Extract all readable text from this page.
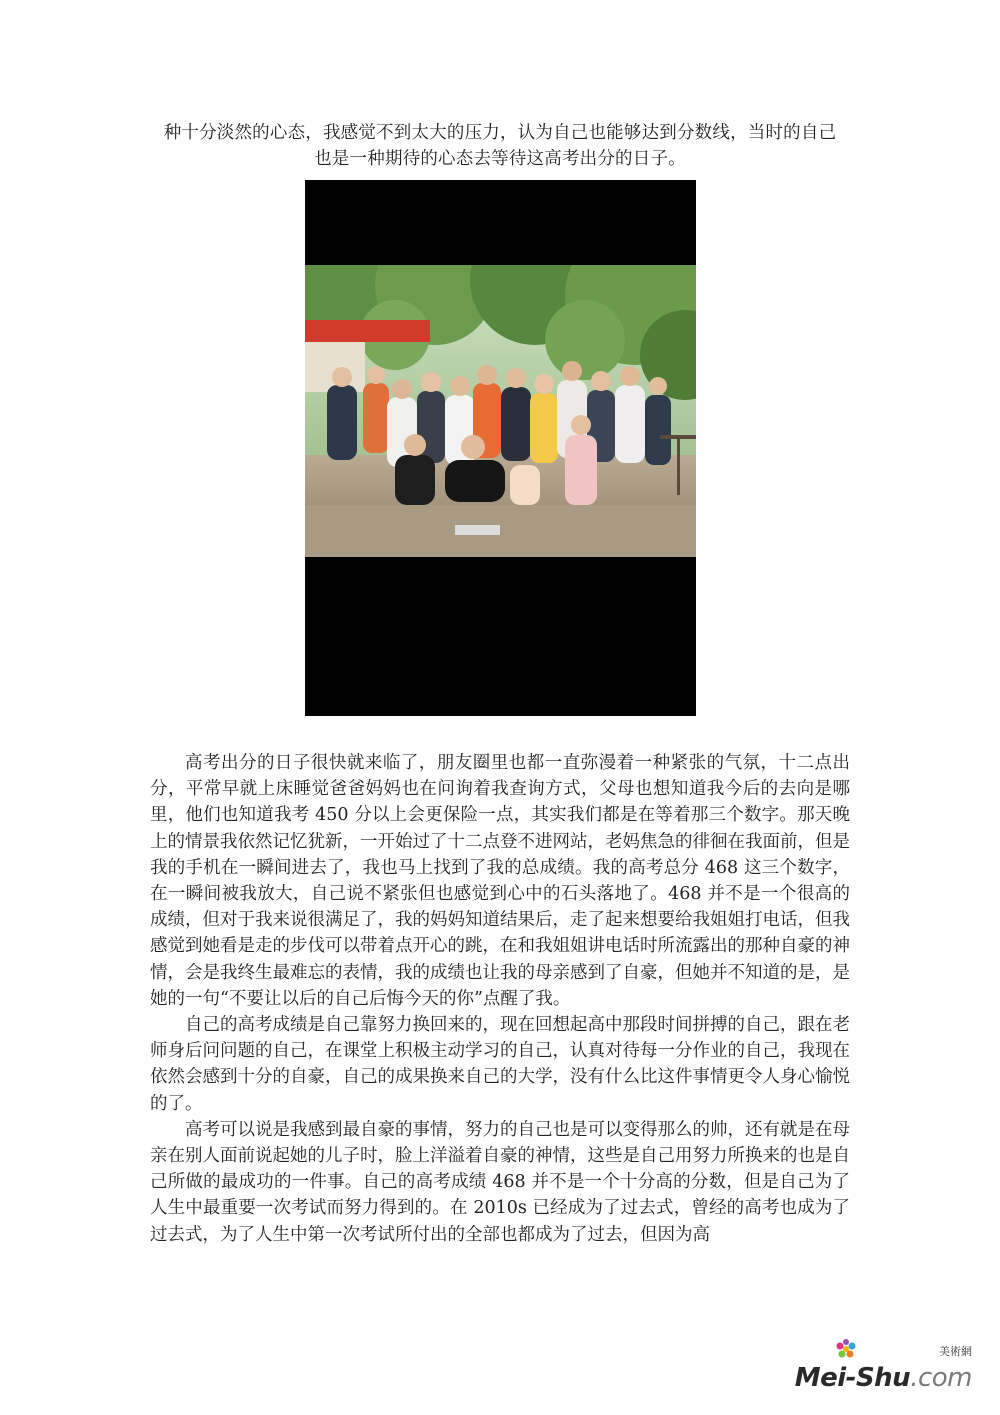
种十分淡然的心态，我感觉不到太大的压力，认为自己也能够达到分数线，当时的自己

也是一种期待的心态去等待这高考出分的日子。

高考出分的日子很快就来临了，朋友圈里也都一直弥漫着一种紧张的气氛，十二点出分，平常早就上床睡觉爸爸妈妈也在问询着我查询方式，父母也想知道我今后的去向是哪里，他们也知道我考 450 分以上会更保险一点，其实我们都是在等着那三个数字。那天晚上的情景我依然记忆犹新，一开始过了十二点登不进网站，老妈焦急的徘徊在我面前，但是我的手机在一瞬间进去了，我也马上找到了我的总成绩。我的高考总分 468 这三个数字，在一瞬间被我放大，自己说不紧张但也感觉到心中的石头落地了。468 并不是一个很高的成绩，但对于我来说很满足了，我的妈妈知道结果后，走了起来想要给我姐姐打电话，但我感觉到她看是走的步伐可以带着点开心的跳，在和我姐姐讲电话时所流露出的那种自豪的神情，会是我终生最难忘的表情，我的成绩也让我的母亲感到了自豪，但她并不知道的是，是她的一句“不要让以后的自己后悔今天的你”点醒了我。

自己的高考成绩是自己靠努力换回来的，现在回想起高中那段时间拼搏的自己，跟在老师身后问问题的自己，在课堂上积极主动学习的自己，认真对待每一分作业的自己，我现在依然会感到十分的自豪，自己的成果换来自己的大学，没有什么比这件事情更令人身心愉悦的了。

高考可以说是我感到最自豪的事情，努力的自己也是可以变得那么的帅，还有就是在母亲在别人面前说起她的儿子时，脸上洋溢着自豪的神情，这些是自己用努力所换来的也是自己所做的最成功的一件事。自己的高考成绩 468 并不是一个十分高的分数，但是自己为了人生中最重要一次考试而努力得到的。在 2010s 已经成为了过去式，曾经的高考也成为了过去式，为了人生中第一次考试所付出的全部也都成为了过去，但因为高

美術網
Mei-Shu.com
